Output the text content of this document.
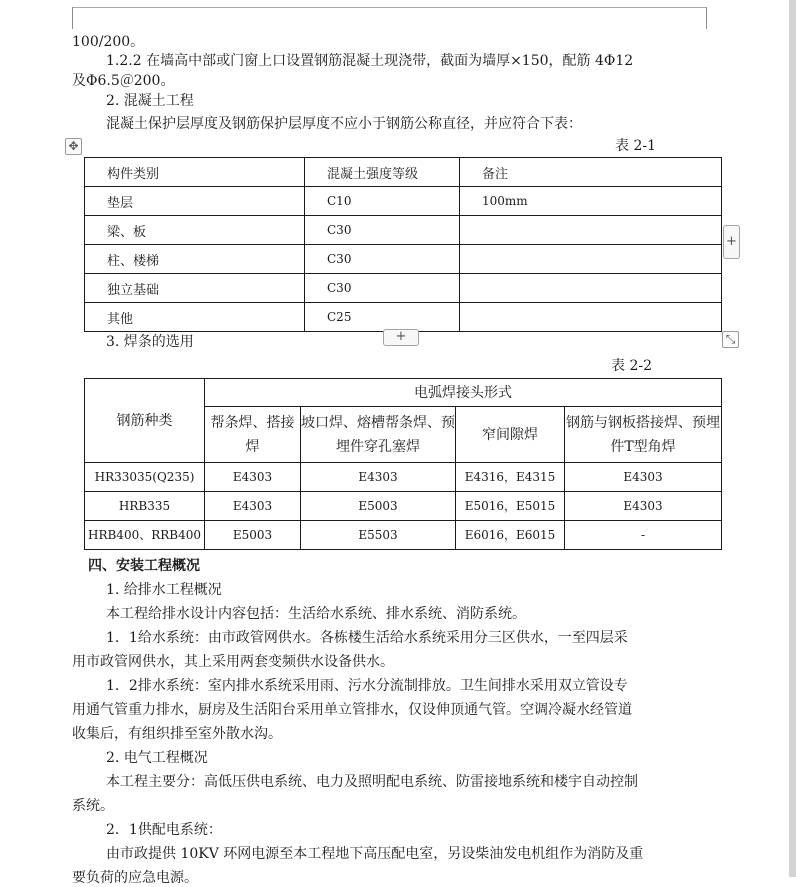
100/200。
1.2.2 在墙高中部或门窗上口设置钢筋混凝土现浇带，截面为墙厚×150，配筋 4Φ12
及Φ6.5＠200。
2. 混凝土工程
混凝土保护层厚度及钢筋保护层厚度不应小于钢筋公称直径，并应符合下表：
✥	表 2-1
构件类别	混凝土强度等级	备注
垫层	C10	100mm
梁、板	C30	
柱、楼梯	C30	
独立基础	C30	
其他	C25	
+
+	⤡
3. 焊条的选用
表 2-2
钢筋种类	电弧焊接头形式			
	帮条焊、搭接焊	坡口焊、熔槽帮条焊、预埋件穿孔塞焊	窄间隙焊	钢筋与钢板搭接焊、预埋件T型角焊
HR33035(Q235)	E4303	E4303	E4316，E4315	E4303
HRB335	E4303	E5003	E5016，E5015	E4303
HRB400、RRB400	E5003	E5503	E6016，E6015	-
四、安装工程概况
1. 给排水工程概况
本工程给排水设计内容包括：生活给水系统、排水系统、消防系统。
1．1给水系统：由市政管网供水。各栋楼生活给水系统采用分三区供水，一至四层采
用市政管网供水，其上采用两套变频供水设备供水。
1．2排水系统：室内排水系统采用雨、污水分流制排放。卫生间排水采用双立管设专
用通气管重力排水，厨房及生活阳台采用单立管排水，仅设伸顶通气管。空调冷凝水经管道
收集后，有组织排至室外散水沟。
2. 电气工程概况
本工程主要分：高低压供电系统、电力及照明配电系统、防雷接地系统和楼宇自动控制
系统。
2．1供配电系统：
由市政提供 10KV 环网电源至本工程地下高压配电室，另设柴油发电机组作为消防及重
要负荷的应急电源。
